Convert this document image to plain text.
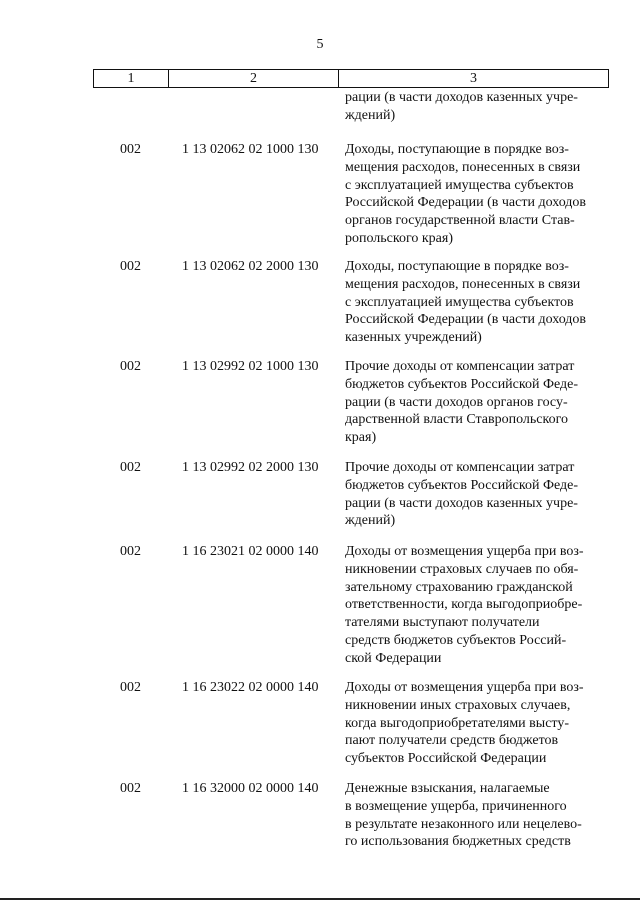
5
1	2	3
рации (в части доходов казенных учре-
ждений)
002	1 13 02062 02 1000 130 Доходы, поступающие в порядке воз-
мещения расходов, понесенных в связи
с эксплуатацией имущества субъектов
Российской Федерации (в части доходов
органов государственной власти Став-
ропольского края)
002	1 13 02062 02 2000 130 Доходы, поступающие в порядке воз-
мещения расходов, понесенных в связи
с эксплуатацией имущества субъектов
Российской Федерации (в части доходов
казенных учреждений)
002	1 13 02992 02 1000 130 Прочие доходы от компенсации затрат
бюджетов субъектов Российской Феде-
рации (в части доходов органов госу-
дарственной власти Ставропольского
края)
002	1 13 02992 02 2000 130 Прочие доходы от компенсации затрат
бюджетов субъектов Российской Феде-
рации (в части доходов казенных учре-
ждений)
002	1 16 23021 02 0000 140 Доходы от возмещения ущерба при воз-
никновении страховых случаев по обя-
зательному страхованию гражданской
ответственности, когда выгодоприобре-
тателями выступают получатели
средств бюджетов субъектов Россий-
ской Федерации
002	1 16 23022 02 0000 140 Доходы от возмещения ущерба при воз-
никновении иных страховых случаев,
когда выгодоприобретателями высту-
пают получатели средств бюджетов
субъектов Российской Федерации
002	1 16 32000 02 0000 140 Денежные взыскания, налагаемые
в возмещение ущерба, причиненного
в результате незаконного или нецелево-
го использования бюджетных средств
